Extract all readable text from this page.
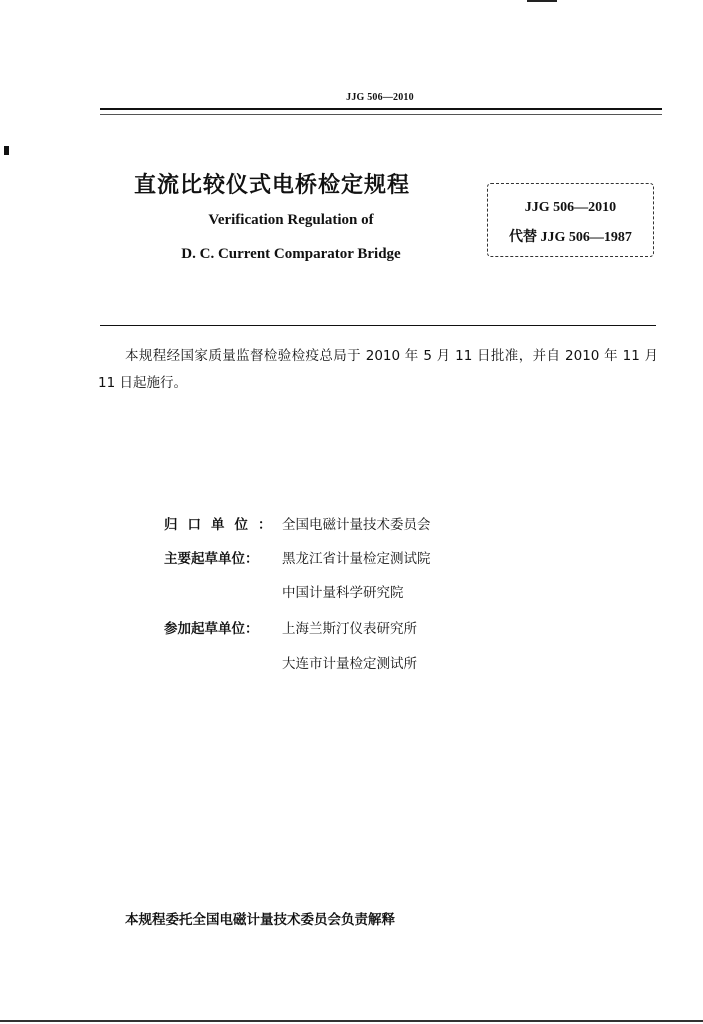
JJG 506—2010
直流比较仪式电桥检定规程
Verification Regulation of
D. C. Current Comparator Bridge
JJG 506—2010
代替 JJG 506—1987
本规程经国家质量监督检验检疫总局于 2010 年 5 月 11 日批准，并自 2010 年 11 月 11 日起施行。
归口单位：全国电磁计量技术委员会
主要起草单位： 黑龙江省计量检定测试院
中国计量科学研究院
参加起草单位： 上海兰斯汀仪表研究所
大连市计量检定测试所
本规程委托全国电磁计量技术委员会负责解释
